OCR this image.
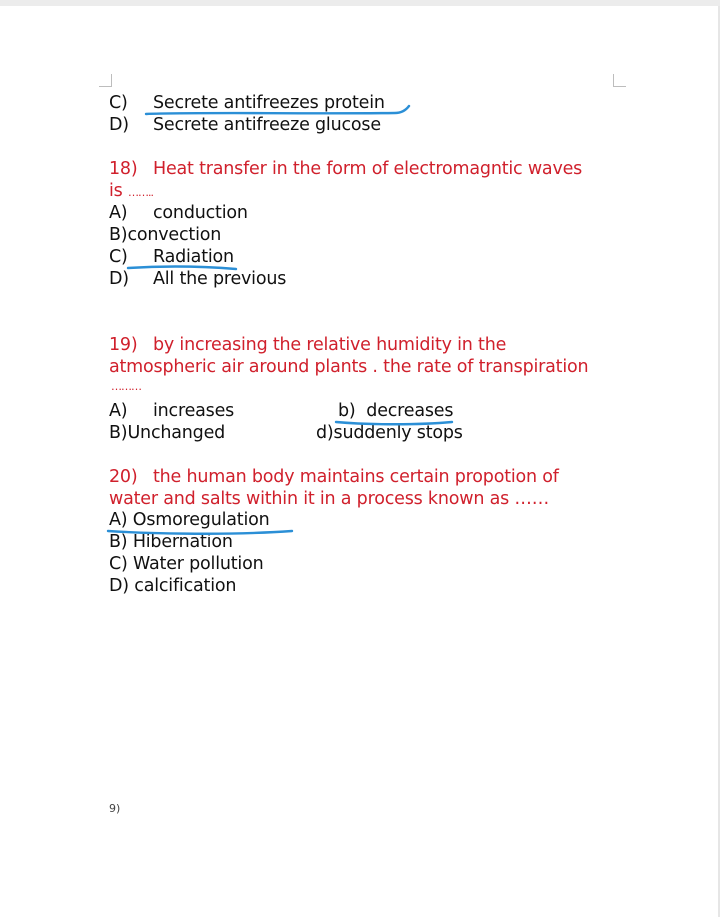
C) Secrete antifreezes protein
D) Secrete antifreeze glucose
18) Heat transfer in the form of electromagntic waves
is ……..
A) conduction
B)convection
C) Radiation
D) All the previous
19) by increasing the relative humidity in the
atmospheric air around plants . the rate of transpiration
………
A) increases	b) decreases
B)Unchanged	d)suddenly stops
20) the human body maintains certain propotion of
water and salts within it in a process known as ……
A) Osmoregulation
B) Hibernation
C) Water pollution
D) calcification
9)
